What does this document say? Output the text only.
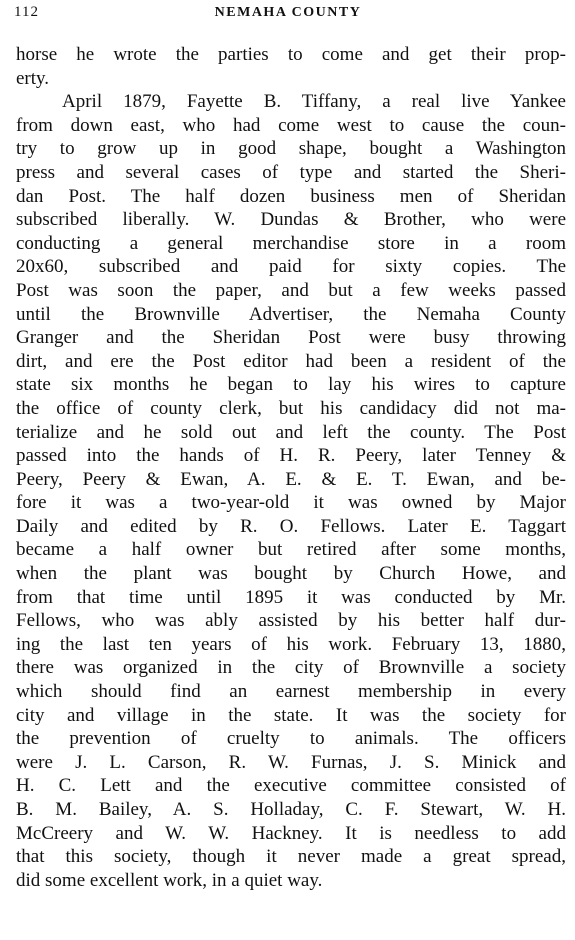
112	NEMAHA COUNTY
horse he wrote the parties to come and get their prop-
erty.
April 1879, Fayette B. Tiffany, a real live Yankee
from down east, who had come west to cause the coun-
try to grow up in good shape, bought a Washington
press and several cases of type and started the Sheri-
dan Post. The half dozen business men of Sheridan
subscribed liberally. W. Dundas & Brother, who were
conducting a general merchandise store in a room
20x60, subscribed and paid for sixty copies. The
Post was soon the paper, and but a few weeks passed
until the Brownville Advertiser, the Nemaha County
Granger and the Sheridan Post were busy throwing
dirt, and ere the Post editor had been a resident of the
state six months he began to lay his wires to capture
the office of county clerk, but his candidacy did not ma-
terialize and he sold out and left the county. The Post
passed into the hands of H. R. Peery, later Tenney &
Peery, Peery & Ewan, A. E. & E. T. Ewan, and be-
fore it was a two-year-old it was owned by Major
Daily and edited by R. O. Fellows. Later E. Taggart
became a half owner but retired after some months,
when the plant was bought by Church Howe, and
from that time until 1895 it was conducted by Mr.
Fellows, who was ably assisted by his better half dur-
ing the last ten years of his work. February 13, 1880,
there was organized in the city of Brownville a society
which should find an earnest membership in every
city and village in the state. It was the society for
the prevention of cruelty to animals. The officers
were J. L. Carson, R. W. Furnas, J. S. Minick and
H. C. Lett and the executive committee consisted of
B. M. Bailey, A. S. Holladay, C. F. Stewart, W. H.
McCreery and W. W. Hackney. It is needless to add
that this society, though it never made a great spread,
did some excellent work, in a quiet way.
